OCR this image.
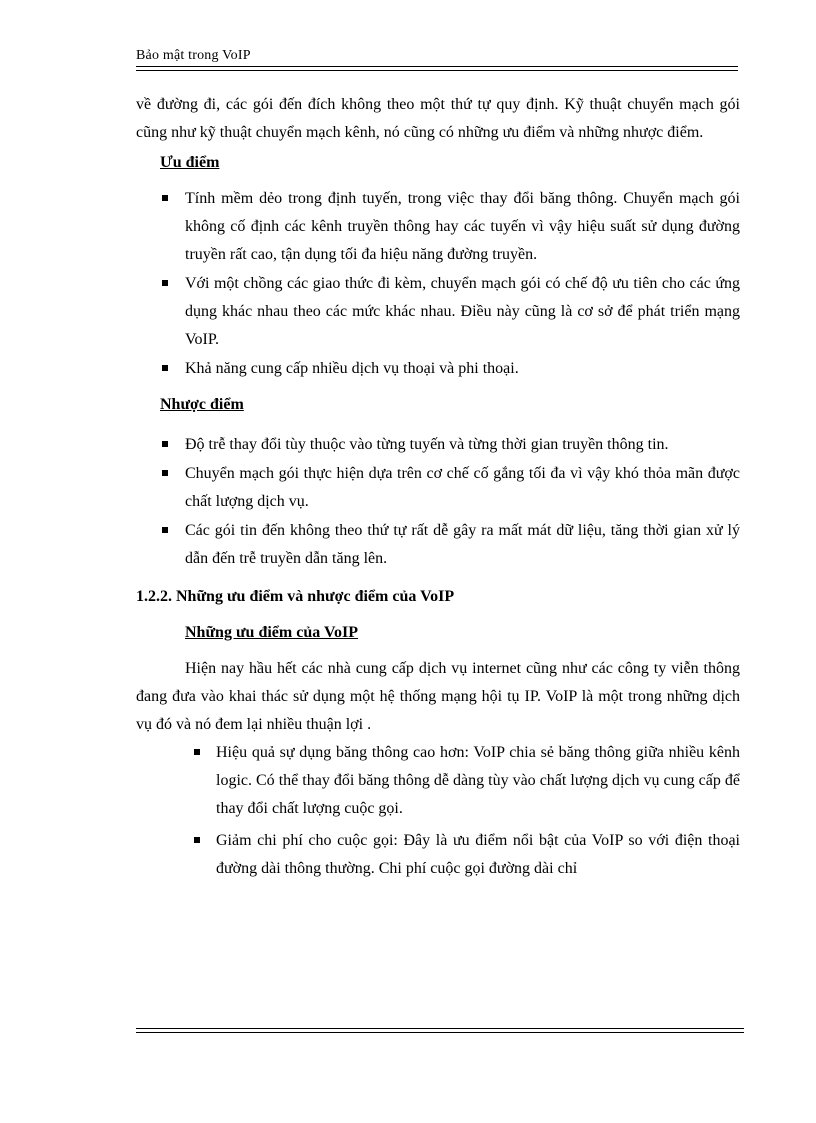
Bảo mật trong VoIP

về đường đi, các gói đến đích không theo một thứ tự quy định. Kỹ thuật chuyển mạch gói cũng như kỹ thuật chuyển mạch kênh, nó cũng có những ưu điểm và những nhược điểm.

Ưu điểm
Tính mềm dẻo trong định tuyến, trong việc thay đổi băng thông. Chuyển mạch gói không cố định các kênh truyền thông hay các tuyến vì vậy hiệu suất sử dụng đường truyền rất cao, tận dụng tối đa hiệu năng đường truyền.
Với một chồng các giao thức đi kèm, chuyển mạch gói có chế độ ưu tiên cho các ứng dụng khác nhau theo các mức khác nhau. Điều này cũng là cơ sở để phát triển mạng VoIP.
Khả năng cung cấp nhiều dịch vụ thoại và phi thoại.
Nhược điểm
Độ trễ thay đổi tùy thuộc vào từng tuyến và từng thời gian truyền thông tin.
Chuyển mạch gói thực hiện dựa trên cơ chế cố gắng tối đa vì vậy khó thỏa mãn được chất lượng dịch vụ.
Các gói tin đến không theo thứ tự rất dễ gây ra mất mát dữ liệu, tăng thời gian xử lý dẫn đến trễ truyền dẫn tăng lên.
1.2.2. Những ưu điểm và nhược điểm của VoIP
Những ưu điểm của VoIP

Hiện nay hầu hết các nhà cung cấp dịch vụ internet cũng như các công ty viễn thông đang đưa vào khai thác sử dụng một hệ thống mạng hội tụ IP. VoIP là một trong những dịch vụ đó và nó đem lại nhiều thuận lợi .

Hiệu quả sự dụng băng thông cao hơn: VoIP chia sẻ băng thông giữa nhiều kênh logic. Có thể thay đổi băng thông dễ dàng tùy vào chất lượng dịch vụ cung cấp để thay đổi chất lượng cuộc gọi.
Giảm chi phí cho cuộc gọi: Đây là ưu điểm nổi bật của VoIP so với điện thoại đường dài thông thường. Chi phí cuộc gọi đường dài chỉ
